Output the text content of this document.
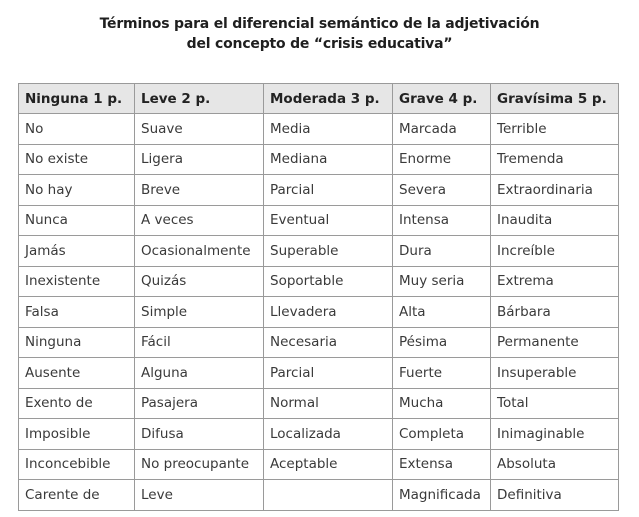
Términos para el diferencial semántico de la adjetivación
del concepto de “crisis educativa”
Ninguna 1 p.	Leve 2 p.	Moderada 3 p.	Grave 4 p.	Gravísima 5 p.
No	Suave	Media	Marcada	Terrible
No existe	Ligera	Mediana	Enorme	Tremenda
No hay	Breve	Parcial	Severa	Extraordinaria
Nunca	A veces	Eventual	Intensa	Inaudita
Jamás	Ocasionalmente	Superable	Dura	Increíble
Inexistente	Quizás	Soportable	Muy seria	Extrema
Falsa	Simple	Llevadera	Alta	Bárbara
Ninguna	Fácil	Necesaria	Pésima	Permanente
Ausente	Alguna	Parcial	Fuerte	Insuperable
Exento de	Pasajera	Normal	Mucha	Total
Imposible	Difusa	Localizada	Completa	Inimaginable
Inconcebible	No preocupante	Aceptable	Extensa	Absoluta
Carente de	Leve		Magnificada	Definitiva
